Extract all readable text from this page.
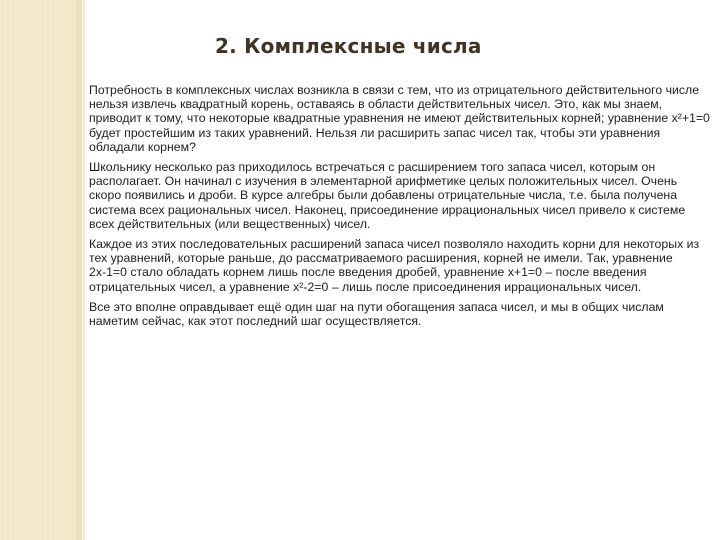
2. Комплексные числа

Потребность в комплексных числах возникла в связи с тем, что из отрицательного действительного числе нельзя извлечь квадратный корень, оставаясь в области действительных чисел. Это, как мы знаем, приводит к тому, что некоторые квадратные уравнения не имеют действительных корней; уравнение x²+1=0 будет простейшим из таких уравнений. Нельзя ли расширить запас чисел так, чтобы эти уравнения обладали корнем?

Школьнику несколько раз приходилось встречаться с расширением того запаса чисел, которым он располагает. Он начинал с изучения в элементарной арифметике целых положительных чисел. Очень скоро появились и дроби. В курсе алгебры были добавлены отрицательные числа, т.е. была получена система всех рациональных чисел. Наконец, присоединение иррациональных чисел привело к системе всех действительных (или вещественных) чисел.

Каждое из этих последовательных расширений запаса чисел позволяло находить корни для некоторых из тех уравнений, которые раньше, до рассматриваемого расширения, корней не имели. Так, уравнение 2х-1=0 стало обладать корнем лишь после введения дробей, уравнение х+1=0 – после введения отрицательных чисел, а уравнение x²-2=0 – лишь после присоединения иррациональных чисел.

Все это вполне оправдывает ещё один шаг на пути обогащения запаса чисел, и мы в общих числам наметим сейчас, как этот последний шаг осуществляется.
